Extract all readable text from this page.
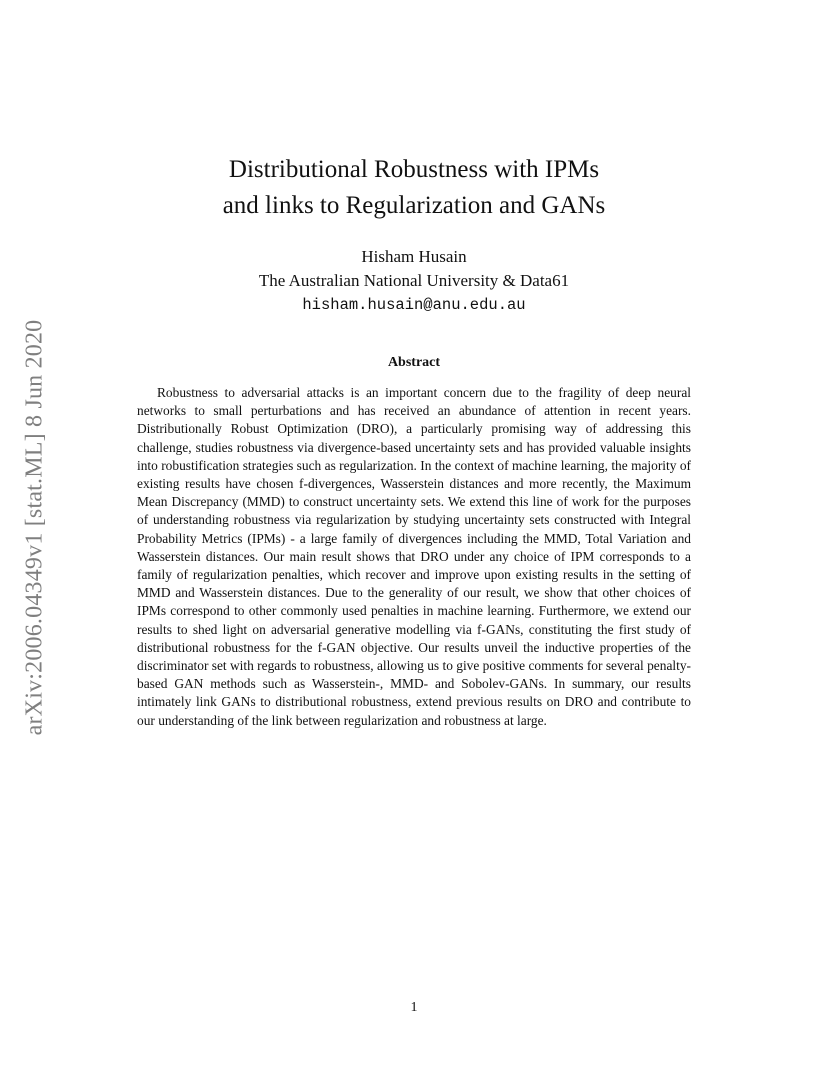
arXiv:2006.04349v1 [stat.ML] 8 Jun 2020
Distributional Robustness with IPMs
and links to Regularization and GANs
Hisham Husain
The Australian National University & Data61
hisham.husain@anu.edu.au
Abstract

Robustness to adversarial attacks is an important concern due to the fragility of deep neural networks to small perturbations and has received an abundance of attention in recent years. Distributionally Robust Optimization (DRO), a particularly promising way of addressing this challenge, studies robustness via divergence-based uncertainty sets and has provided valuable insights into robustification strategies such as regularization. In the context of machine learning, the majority of existing results have chosen f-divergences, Wasserstein distances and more recently, the Maximum Mean Discrepancy (MMD) to construct uncertainty sets. We extend this line of work for the purposes of understanding robustness via regularization by studying uncertainty sets constructed with Integral Probability Metrics (IPMs) - a large family of divergences including the MMD, Total Variation and Wasserstein distances. Our main result shows that DRO under any choice of IPM corresponds to a family of regularization penalties, which recover and improve upon existing results in the setting of MMD and Wasserstein distances. Due to the generality of our result, we show that other choices of IPMs correspond to other commonly used penalties in machine learning. Furthermore, we extend our results to shed light on adversarial generative modelling via f-GANs, constituting the first study of distributional robustness for the f-GAN objective. Our results unveil the inductive properties of the discriminator set with regards to robustness, allowing us to give positive comments for several penalty-based GAN methods such as Wasserstein-, MMD- and Sobolev-GANs. In summary, our results intimately link GANs to distributional robustness, extend previous results on DRO and contribute to our understanding of the link between regularization and robustness at large.

1
